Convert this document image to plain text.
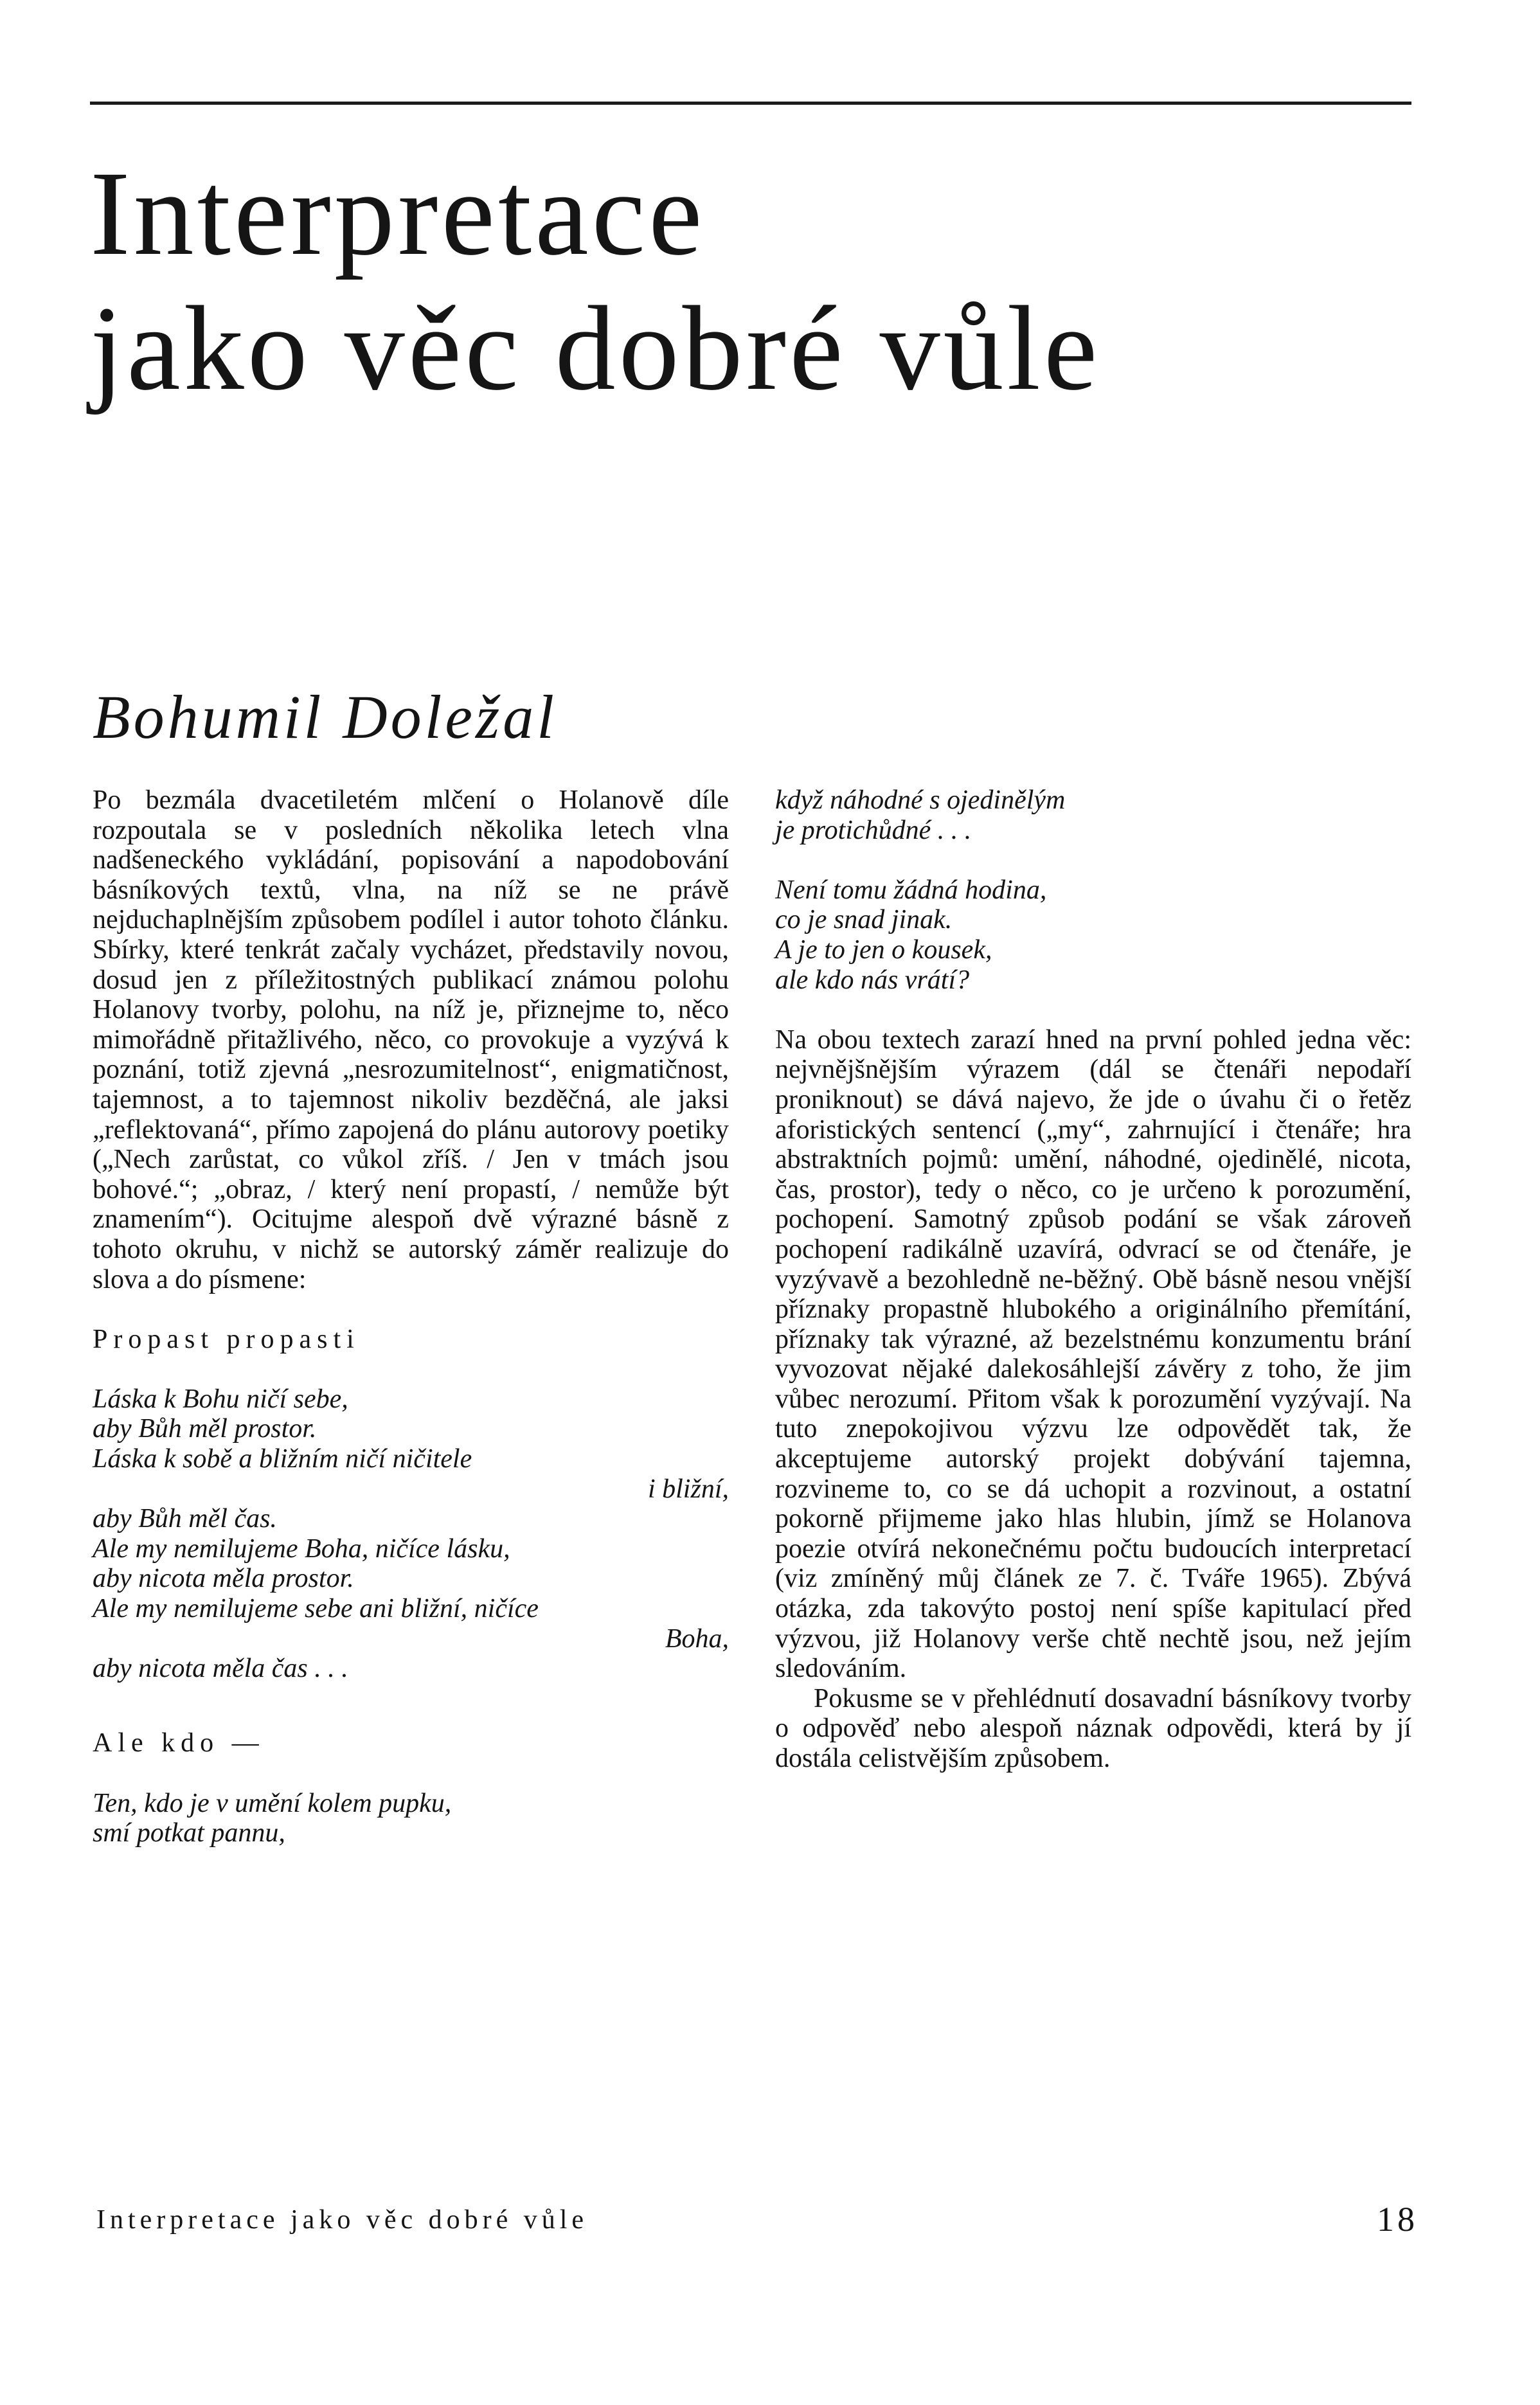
Interpretace
jako věc dobré vůle
Bohumil Doležal

Po bezmála dvacetiletém mlčení o Holanově díle rozpoutala se v posledních několika letech vlna nadšeneckého vykládání, popisování a napodobování básníkových textů, vlna, na níž se ne právě nejduchaplnějším způsobem podílel i autor tohoto článku. Sbírky, které tenkrát začaly vycházet, představily novou, dosud jen z příležitostných publikací známou polohu Holanovy tvorby, polohu, na níž je, přiznejme to, něco mimořádně přitažlivého, něco, co provokuje a vyzývá k poznání, totiž zjevná „nesrozumitelnost“, enigmatičnost, tajemnost, a to tajemnost nikoliv bezděčná, ale jaksi „reflektovaná“, přímo zapojená do plánu autorovy poetiky („Nech zarůstat, co vůkol zříš. / Jen v tmách jsou bohové.“; „obraz, / který není propastí, / nemůže být znamením“). Ocitujme alespoň dvě výrazné básně z tohoto okruhu, v nichž se autorský záměr realizuje do slova a do písmene:

Propast propasti
Láska k Bohu ničí sebe,
aby Bůh měl prostor.
Láska k sobě a bližním ničí ničitele
i bližní,
aby Bůh měl čas.
Ale my nemilujeme Boha, ničíce lásku,
aby nicota měla prostor.
Ale my nemilujeme sebe ani bližní, ničíce
Boha,
aby nicota měla čas . . .
Ale kdo —
Ten, kdo je v umění kolem pupku,
smí potkat pannu,
když náhodné s ojedinělým
je protichůdné . . .
Není tomu žádná hodina,
co je snad jinak.
A je to jen o kousek,
ale kdo nás vrátí?

Na obou textech zarazí hned na první pohled jedna věc: nejvnějšnějším výrazem (dál se čtenáři nepodaří proniknout) se dává najevo, že jde o úvahu či o řetěz aforistických sentencí („my“, zahrnující i čtenáře; hra abstraktních pojmů: umění, náhodné, ojedinělé, nicota, čas, prostor), tedy o něco, co je určeno k porozumění, pochopení. Samotný způsob podání se však zároveň pochopení radikálně uzavírá, odvrací se od čtenáře, je vyzývavě a bezohledně ne-běžný. Obě básně nesou vnější příznaky propastně hlubokého a originálního přemítání, příznaky tak výrazné, až bezelstnému konzumentu brání vyvozovat nějaké dalekosáhlejší závěry z toho, že jim vůbec nerozumí. Přitom však k porozumění vyzývají. Na tuto znepokojivou výzvu lze odpovědět tak, že akceptujeme autorský projekt dobývání tajemna, rozvineme to, co se dá uchopit a rozvinout, a ostatní pokorně přijmeme jako hlas hlubin, jímž se Holanova poezie otvírá nekonečnému počtu budoucích interpretací (viz zmíněný můj článek ze 7. č. Tváře 1965). Zbývá otázka, zda takovýto postoj není spíše kapitulací před výzvou, již Holanovy verše chtě nechtě jsou, než jejím sledováním.

Pokusme se v přehlédnutí dosavadní básníkovy tvorby o odpověď nebo alespoň náznak odpovědi, která by jí dostála celistvějším způsobem.

Interpretace jako věc dobré vůle	18
